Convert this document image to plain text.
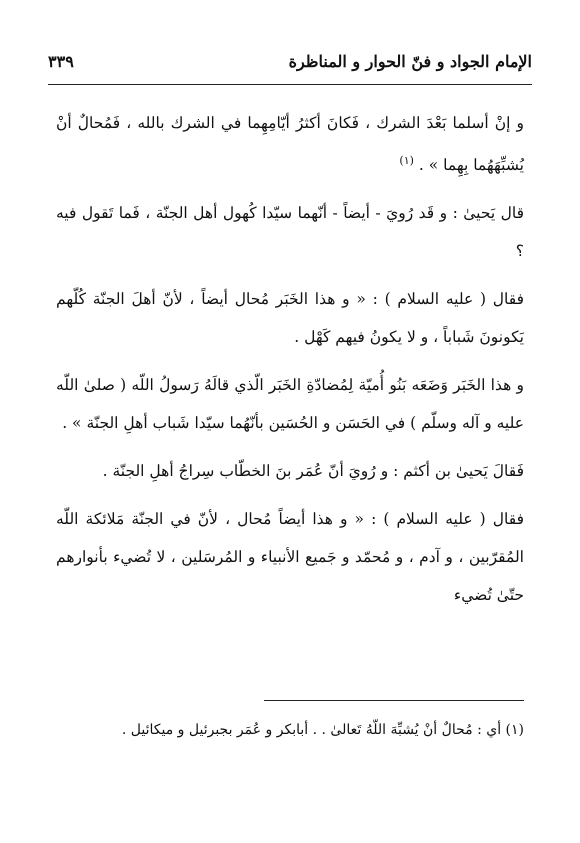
الإمام الجواد و فنّ الحوار و المناظرة
٣٣٩

و إنْ أسلما بَعْدَ الشرك ، فَكانَ أكثرُ أيّامِهِما في الشرك بالله ، فَمُحالٌ أنْ يُشبِّهَهُما بِهِما » . $^{(١)}$

قال يَحيىٰ : و قَد رُويَ - أيضاً - أنّهما سيّدا كُهول أهل الجنّة ، فَما تَقول فيه ؟

فقال ( عليه السلام ) : « و هذا الخَبَر مُحال أيضاً ، لأنّ أهلَ الجنّة كُلّهم يَكونونَ شَباباً ، و لا يكونُ فيهم كَهْل .

و هذا الخَبَر وَضَعَه بَنُو أُميّة لِمُضادّةِ الخَبَر الّذي قالَهُ رَسولُ اللّه ( صلىٰ اللّه عليه و آله وسلّم ) في الحَسَن و الحُسَين بأنّهُما سيّدا شَباب أهلِ الجنّة » .

فَقالَ يَحيىٰ بن أكثم : و رُويَ أنّ عُمَر بنَ الخطّاب سِراجُ أهلِ الجنّة .

فقال ( عليه السلام ) : « و هذا أيضاً مُحال ، لأنّ في الجنّة مَلائكة اللّه المُقرّبين ، و آدم ، و مُحمّد و جَميع الأنبياء و المُرسَلين ، لا تُضيء بأنوارهم حتّىٰ تُضيء

(١) أي : مُحالٌ أنْ يُشبِّهَ اللّهُ تَعالىٰ . . أبابكر و عُمَر بجبرئيل و ميكائيل .
